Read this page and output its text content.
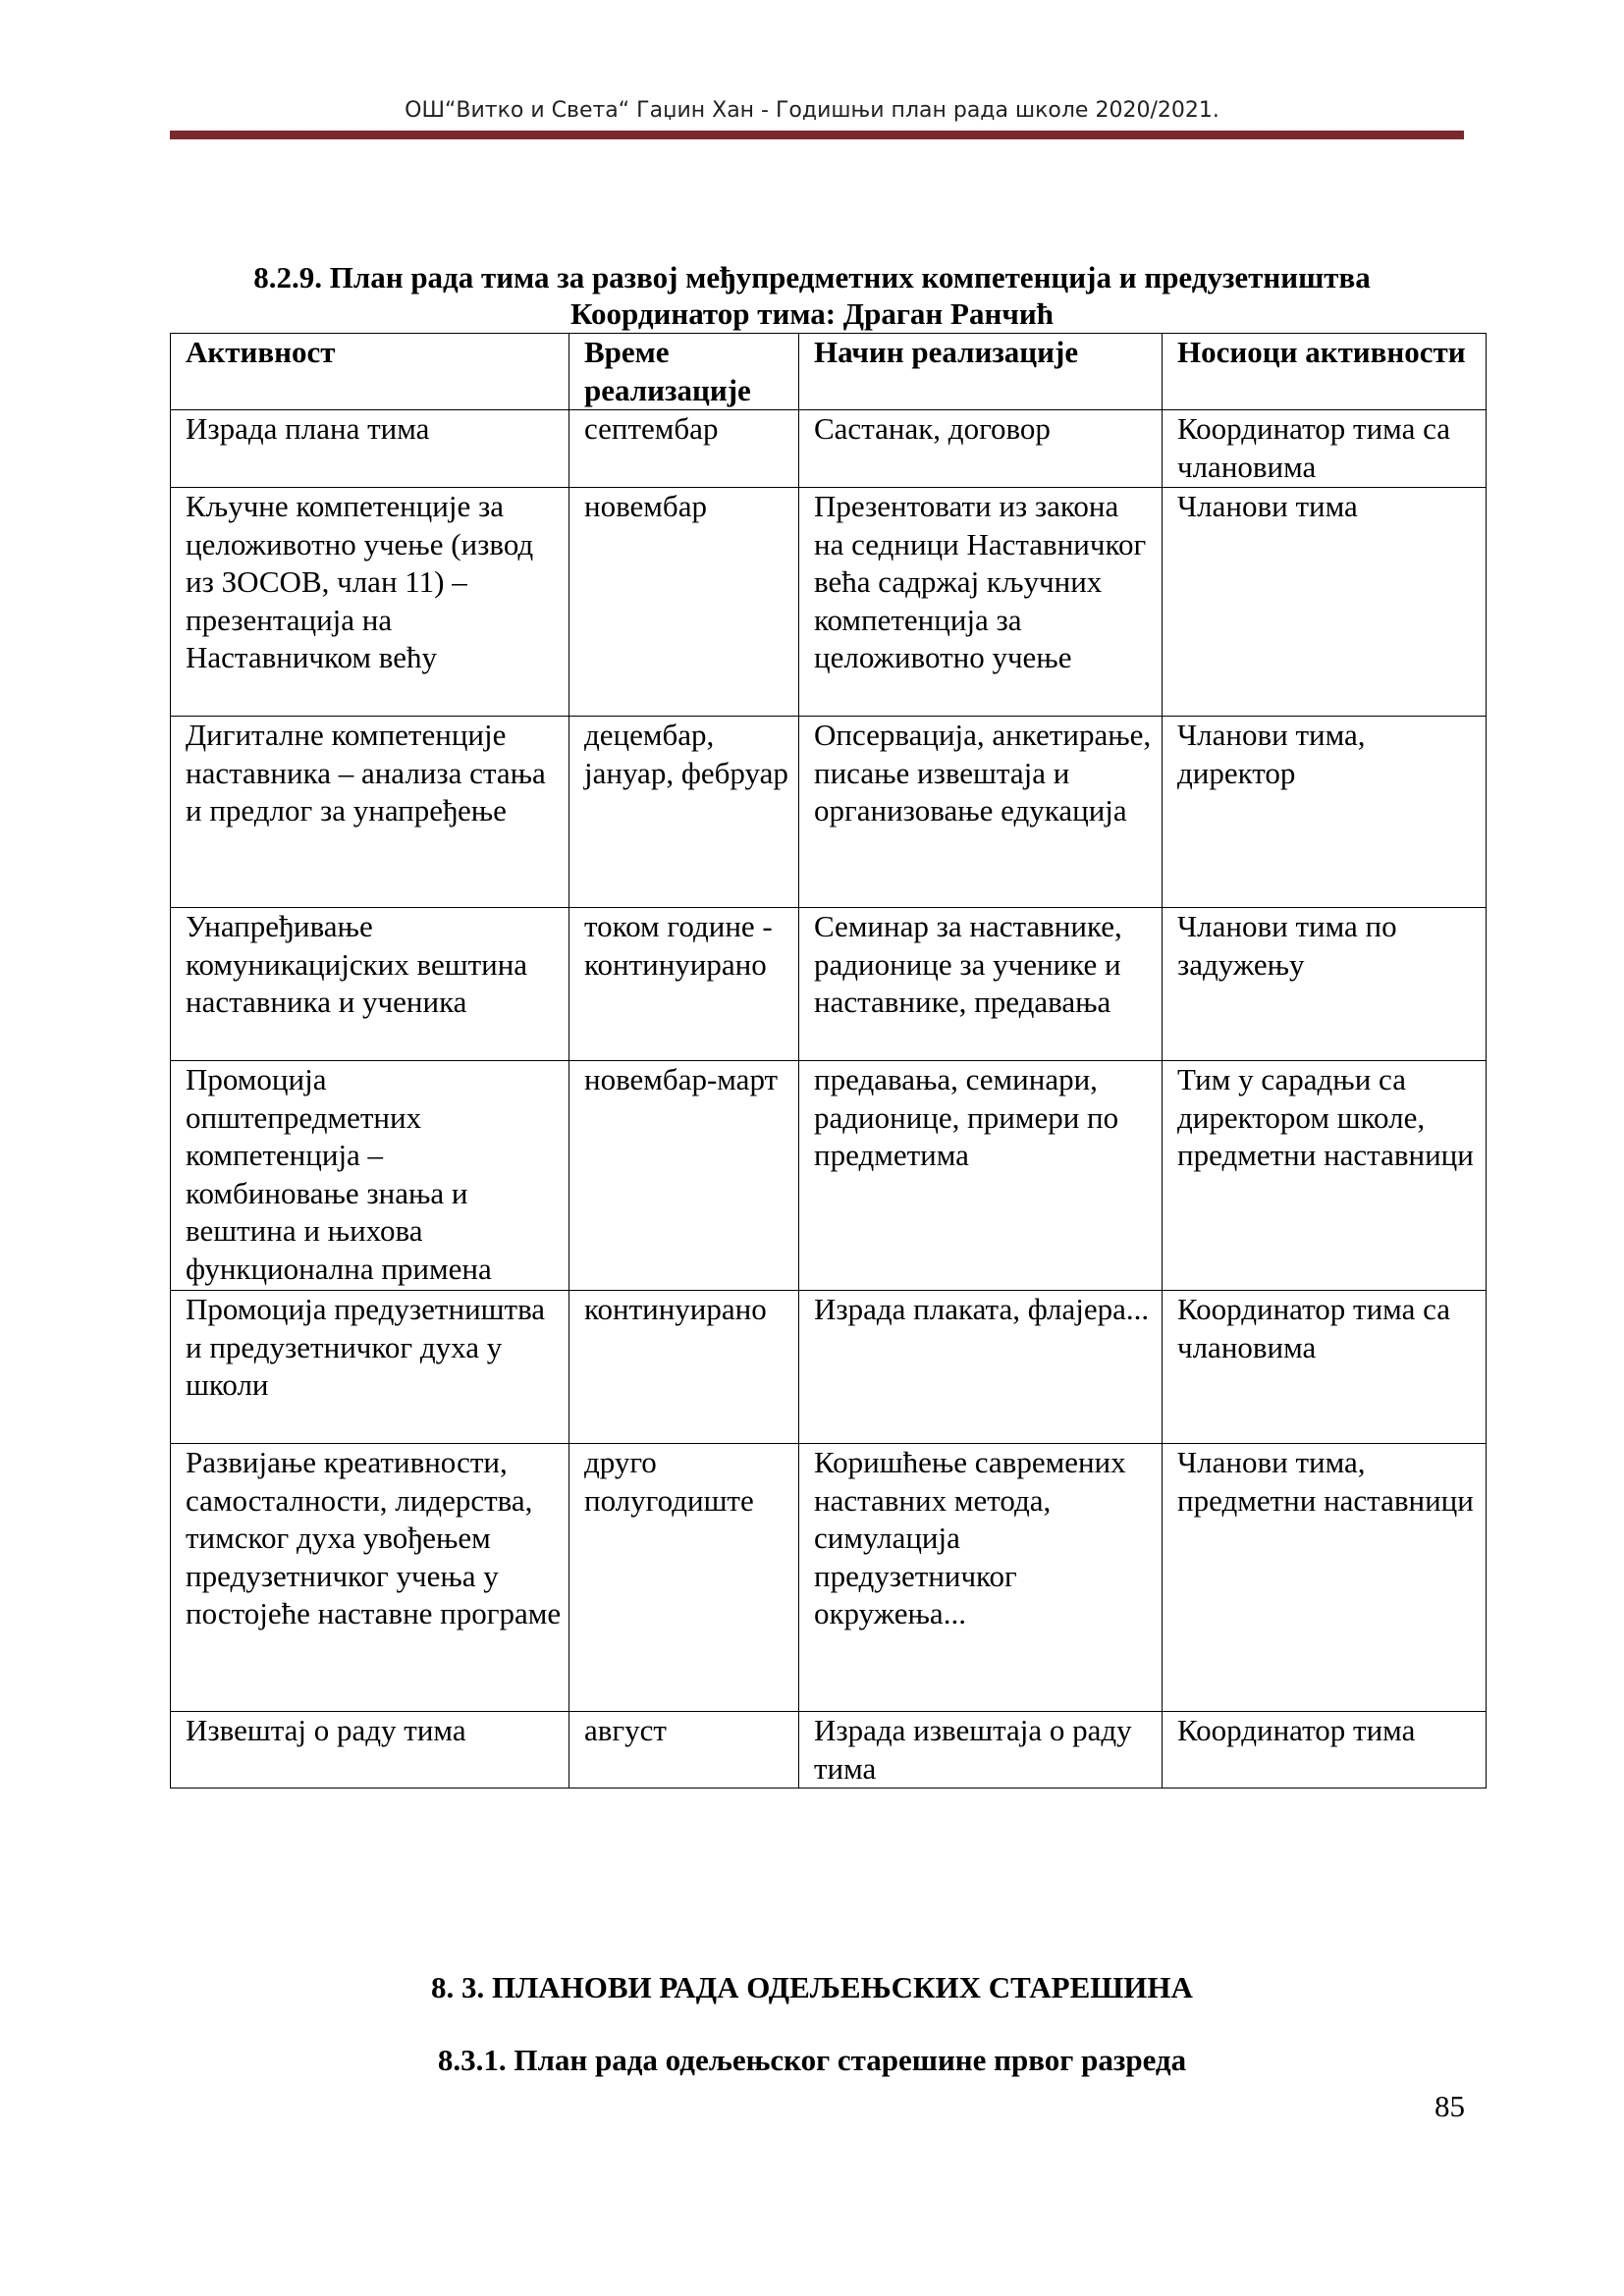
ОШ“Витко и Света“ Гаџин Хан - Годишњи план рада школе 2020/2021.
8.2.9. План рада тима за развој међупредметних компетенција и предузетништва
Координатор тима: Драган Ранчић
Активност	Време реализације	Начин реализације	Носиоци активности
Израда плана тима	септембар	Састанак, договор	Координатор тима са члановима
Кључне компетенције за целоживотно учење (извод из ЗОСОВ, члан 11) – презентација на Наставничком већу	новембар	Презентовати из закона на седници Наставничког већа садржај кључних компетенција за целоживотно учење	Чланови тима
Дигиталне компетенције наставника – анализа стања и предлог за унапређење	децембар, јануар, фебруар	Опсервација, анкетирање, писање извештаја и организовање едукација	Чланови тима, директор
Унапређивање комуникацијских вештина наставника и ученика	током године - континуирано	Семинар за наставнике, радионице за ученике и наставнике, предавања	Чланови тима по задужењу
Промоција општепредметних компетенција – комбиновање знања и вештина и њихова функционална примена	новембар-март	предавања, семинари, радионице, примери по предметима	Тим у сарадњи са директором школе, предметни наставници
Промоција предузетништва и предузетничког духа у школи	континуирано	Израда плаката, флајера...	Координатор тима са члановима
Развијање креативности, самосталности, лидерства, тимског духа увођењем предузетничког учења у постојеће наставне програме	друго полугодиште	Коришћење савремених наставних метода, симулација предузетничког окружења...	Чланови тима, предметни наставници
Извештај о раду тима	август	Израда извештаја о раду тима	Координатор тима
8. 3. ПЛАНОВИ РАДА ОДЕЉЕЊСКИХ СТАРЕШИНА
8.3.1. План рада одељењског старешине првог разреда
85
